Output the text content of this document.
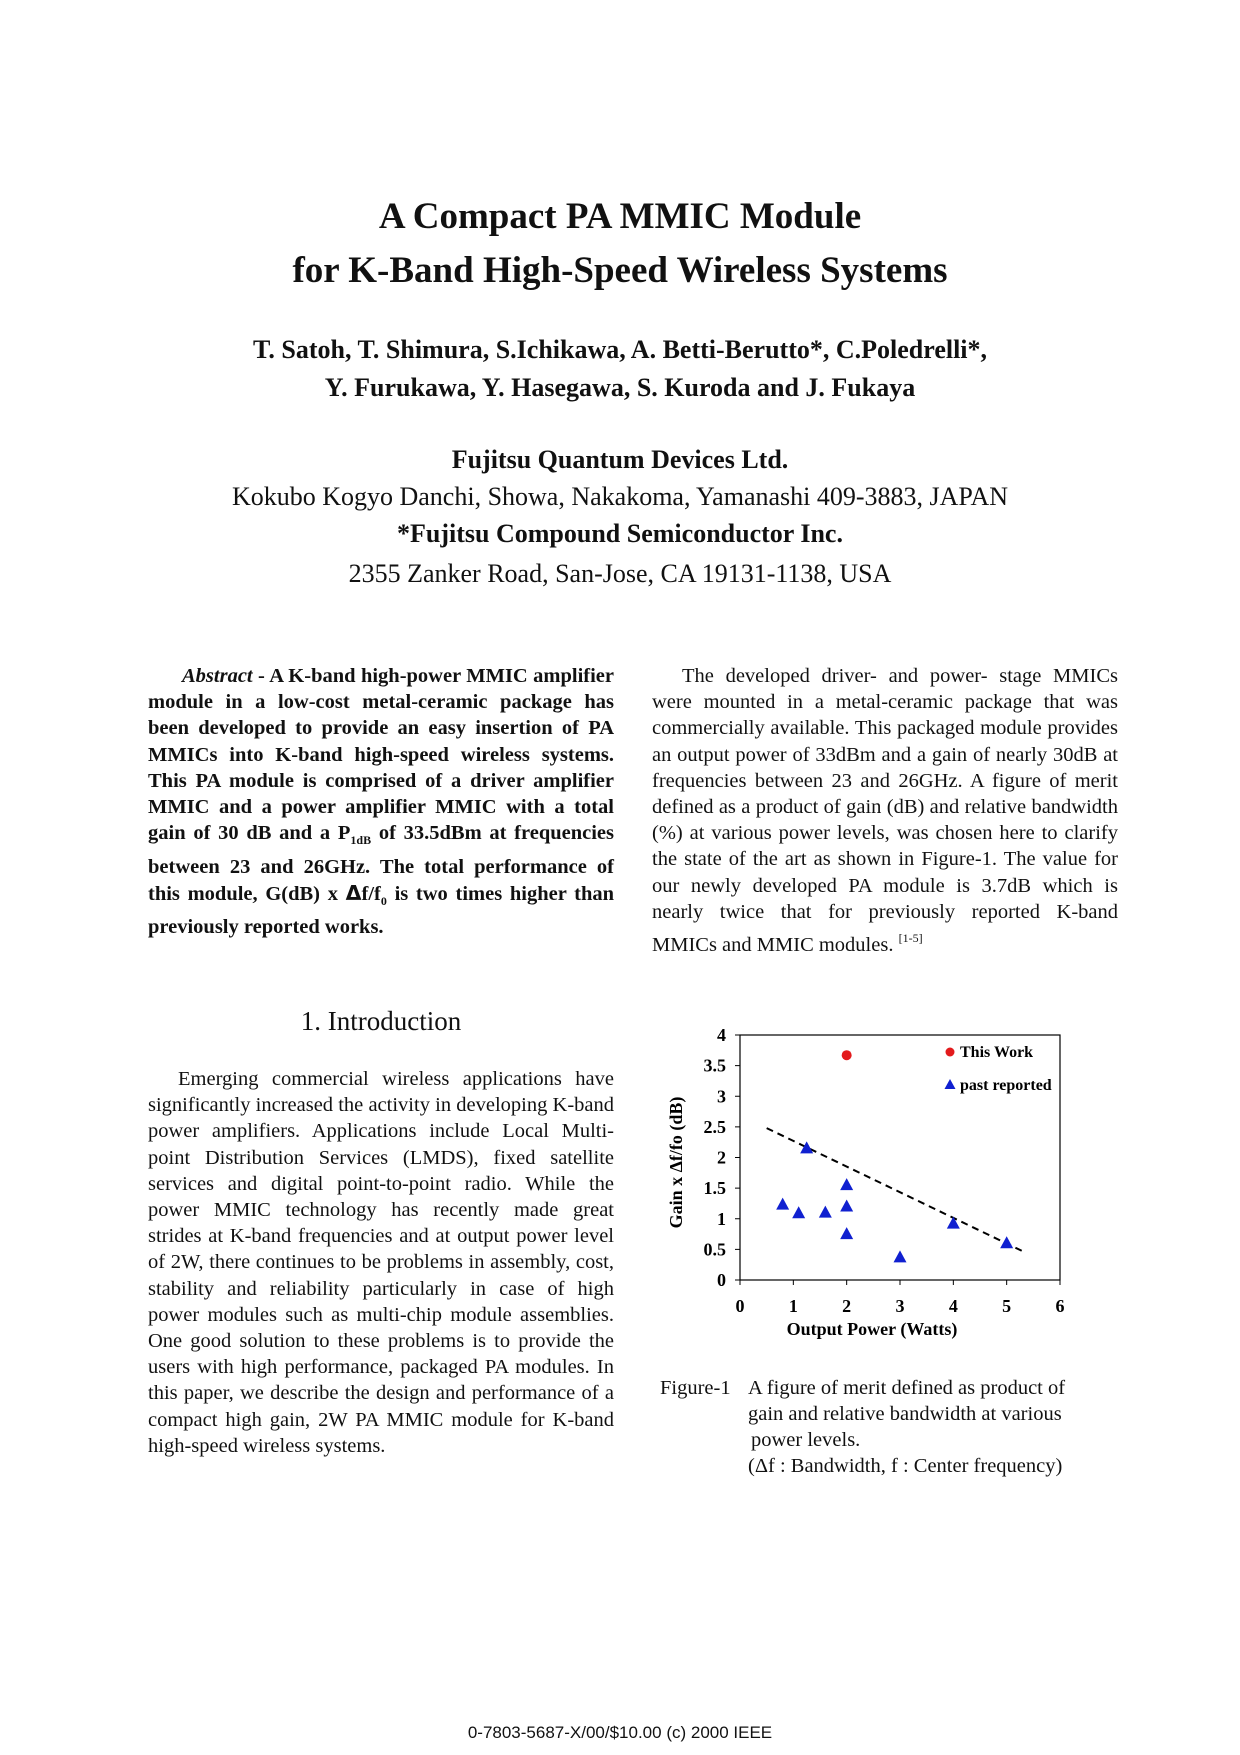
A Compact PA MMIC Module
for K-Band High-Speed Wireless Systems
T. Satoh, T. Shimura, S.Ichikawa, A. Betti-Berutto*, C.Poledrelli*,
Y. Furukawa, Y. Hasegawa, S. Kuroda and J. Fukaya
Fujitsu Quantum Devices Ltd.
Kokubo Kogyo Danchi, Showa, Nakakoma, Yamanashi 409-3883, JAPAN
*Fujitsu Compound Semiconductor Inc.
2355 Zanker Road, San-Jose, CA 19131-1138, USA
Abstract - A K-band high-power MMIC amplifier module in a low-cost metal-ceramic package has been developed to provide an easy insertion of PA MMICs into K-band high-speed wireless systems. This PA module is comprised of a driver amplifier MMIC and a power amplifier MMIC with a total gain of 30 dB and a $P_{1dB}$ of 33.5dBm at frequencies between 23 and 26GHz. The total performance of this module, G(dB) x $\Delta f/f_0$ is two times higher than previously reported works.
1. Introduction
Emerging commercial wireless applications have significantly increased the activity in developing K-band power amplifiers. Applications include Local Multi-point Distribution Services (LMDS), fixed satellite services and digital point-to-point radio. While the power MMIC technology has recently made great strides at K-band frequencies and at output power level of 2W, there continues to be problems in assembly, cost, stability and reliability particularly in case of high power modules such as multi-chip module assemblies. One good solution to these problems is to provide the users with high performance, packaged PA modules. In this paper, we describe the design and performance of a compact high gain, 2W PA MMIC module for K-band high-speed wireless systems.
The developed driver- and power- stage MMICs were mounted in a metal-ceramic package that was commercially available. This packaged module provides an output power of 33dBm and a gain of nearly 30dB at frequencies between 23 and 26GHz. A figure of merit defined as a product of gain (dB) and relative bandwidth (%) at various power levels, was chosen here to clarify the state of the art as shown in Figure-1. The value for our newly developed PA module is 3.7dB which is nearly twice that for previously reported K-band MMICs and MMIC modules. [1-5]
0
0.5
1
1.5
2
2.5
3
3.5
4
0 1 2 3 4 5 6
This Work
past reported
Output Power (Watts)
Gain x Δf/fo (dB)
Figure-1 A figure of merit defined as product of
gain and relative bandwidth at various
power levels.
(Δf : Bandwidth, f : Center frequency)
0-7803-5687-X/00/$10.00 (c) 2000 IEEE
